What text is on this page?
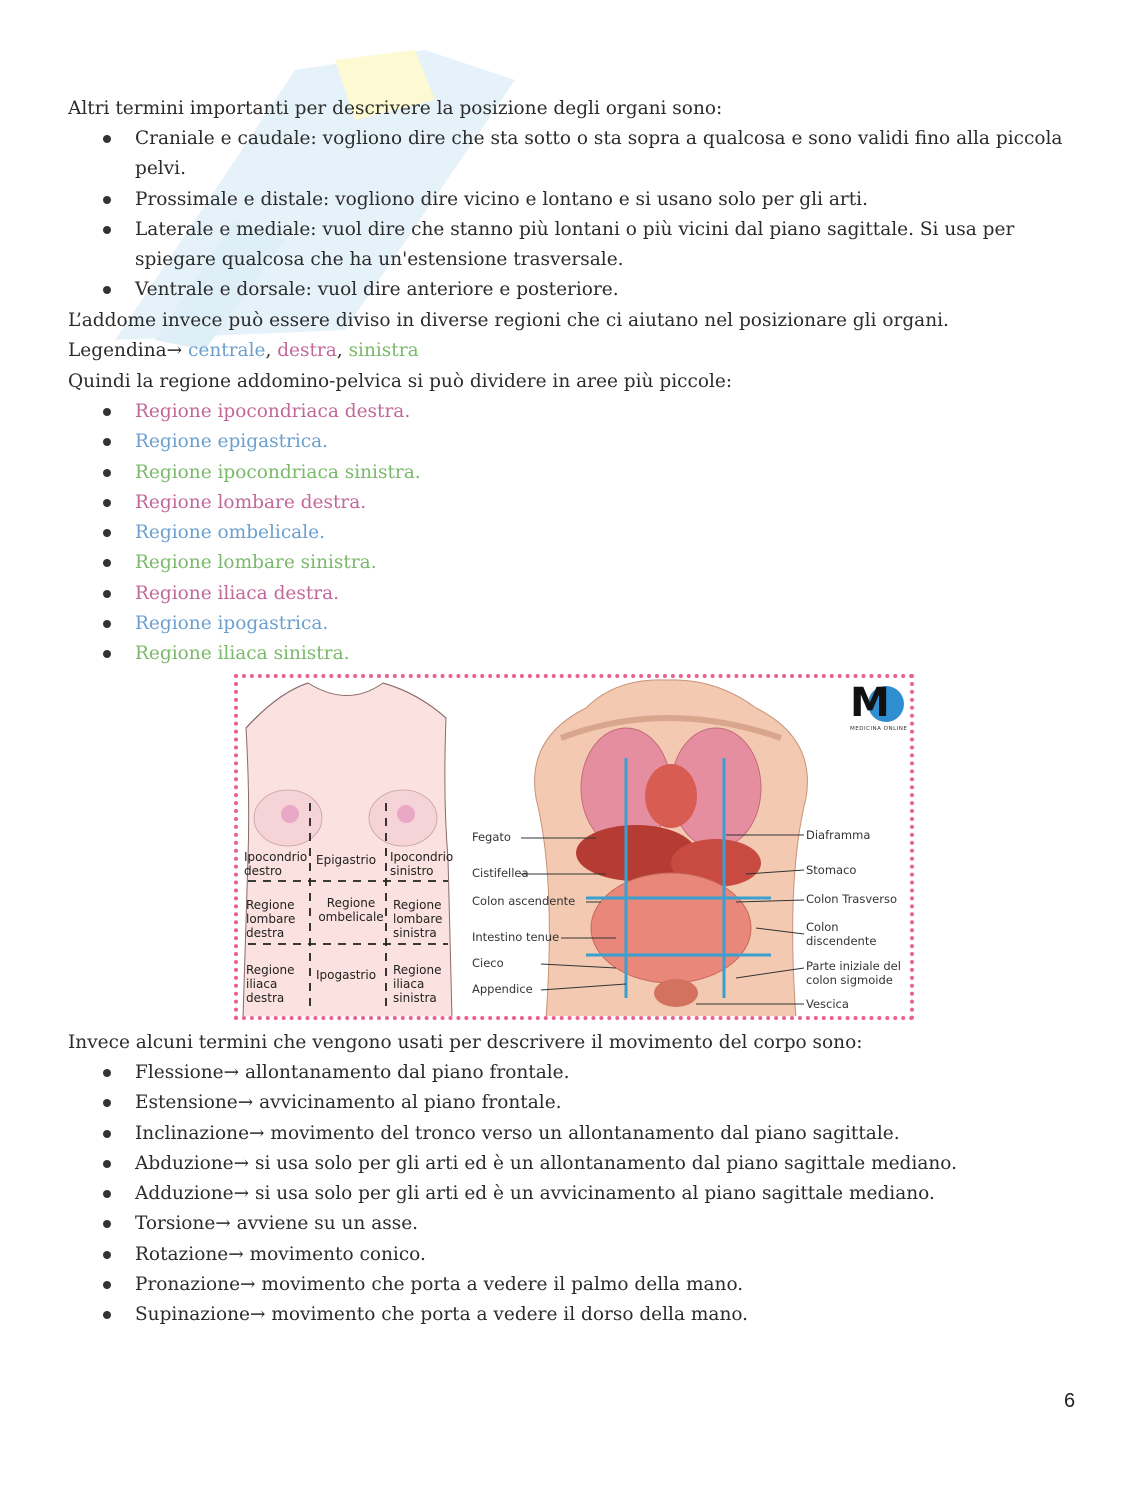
Altri termini importanti per descrivere la posizione degli organi sono:
Craniale e caudale: vogliono dire che sta sotto o sta sopra a qualcosa e sono validi fino alla piccola pelvi.
Prossimale e distale: vogliono dire vicino e lontano e si usano solo per gli arti.
Laterale e mediale: vuol dire che stanno più lontani o più vicini dal piano sagittale. Si usa per spiegare qualcosa che ha un'estensione trasversale.
Ventrale e dorsale: vuol dire anteriore e posteriore.
L’addome invece può essere diviso in diverse regioni che ci aiutano nel posizionare gli organi.
Legendina→ centrale, destra, sinistra
Quindi la regione addomino-pelvica si può dividere in aree più piccole:
Regione ipocondriaca destra.
Regione epigastrica.
Regione ipocondriaca sinistra.
Regione lombare destra.
Regione ombelicale.
Regione lombare sinistra.
Regione iliaca destra.
Regione ipogastrica.
Regione iliaca sinistra.
Ipocondrio destro
Epigastrio Ipocondrio sinistro
Regione lombare destra
Regione ombelicale
Regione lombare sinistra
Regione iliaca destra
Ipogastrio Regione iliaca sinistra
Fegato
Cistifellea
Colon ascendente
Intestino tenue
Cieco
Appendice
Diaframma
Stomaco
Colon Trasverso
Colon discendente
Parte iniziale del colon sigmoide
Vescica
M
MEDICINA ONLINE
Invece alcuni termini che vengono usati per descrivere il movimento del corpo sono:
Flessione→ allontanamento dal piano frontale.
Estensione→ avvicinamento al piano frontale.
Inclinazione→ movimento del tronco verso un allontanamento dal piano sagittale.
Abduzione→ si usa solo per gli arti ed è un allontanamento dal piano sagittale mediano.
Adduzione→ si usa solo per gli arti ed è un avvicinamento al piano sagittale mediano.
Torsione→ avviene su un asse.
Rotazione→ movimento conico.
Pronazione→ movimento che porta a vedere il palmo della mano.
Supinazione→ movimento che porta a vedere il dorso della mano.
6
